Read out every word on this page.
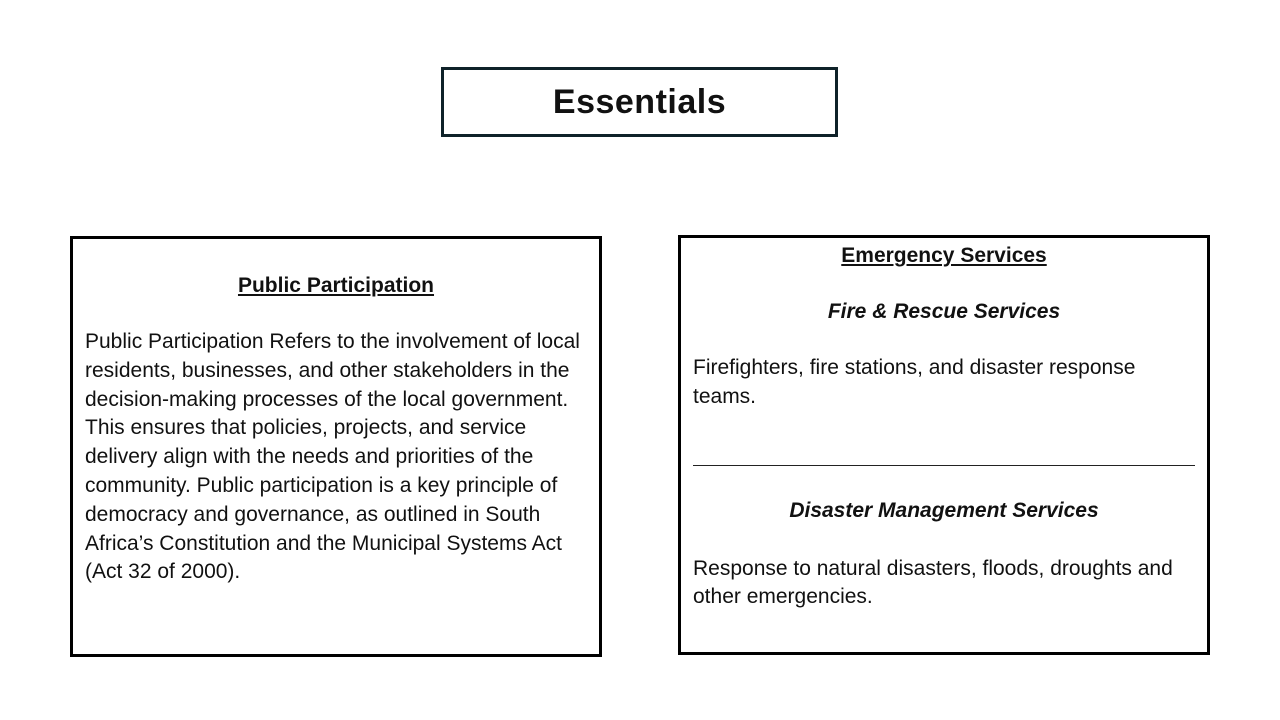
Essentials
Public Participation
Public Participation Refers to the involvement of local residents, businesses, and other stakeholders in the decision-making processes of the local government. This ensures that policies, projects, and service delivery align with the needs and priorities of the community. Public participation is a key principle of democracy and governance, as outlined in South Africa’s Constitution and the Municipal Systems Act (Act 32 of 2000).
Emergency Services
Fire & Rescue Services
Firefighters, fire stations, and disaster response teams.
Disaster Management Services
Response to natural disasters, floods, droughts and other emergencies.
